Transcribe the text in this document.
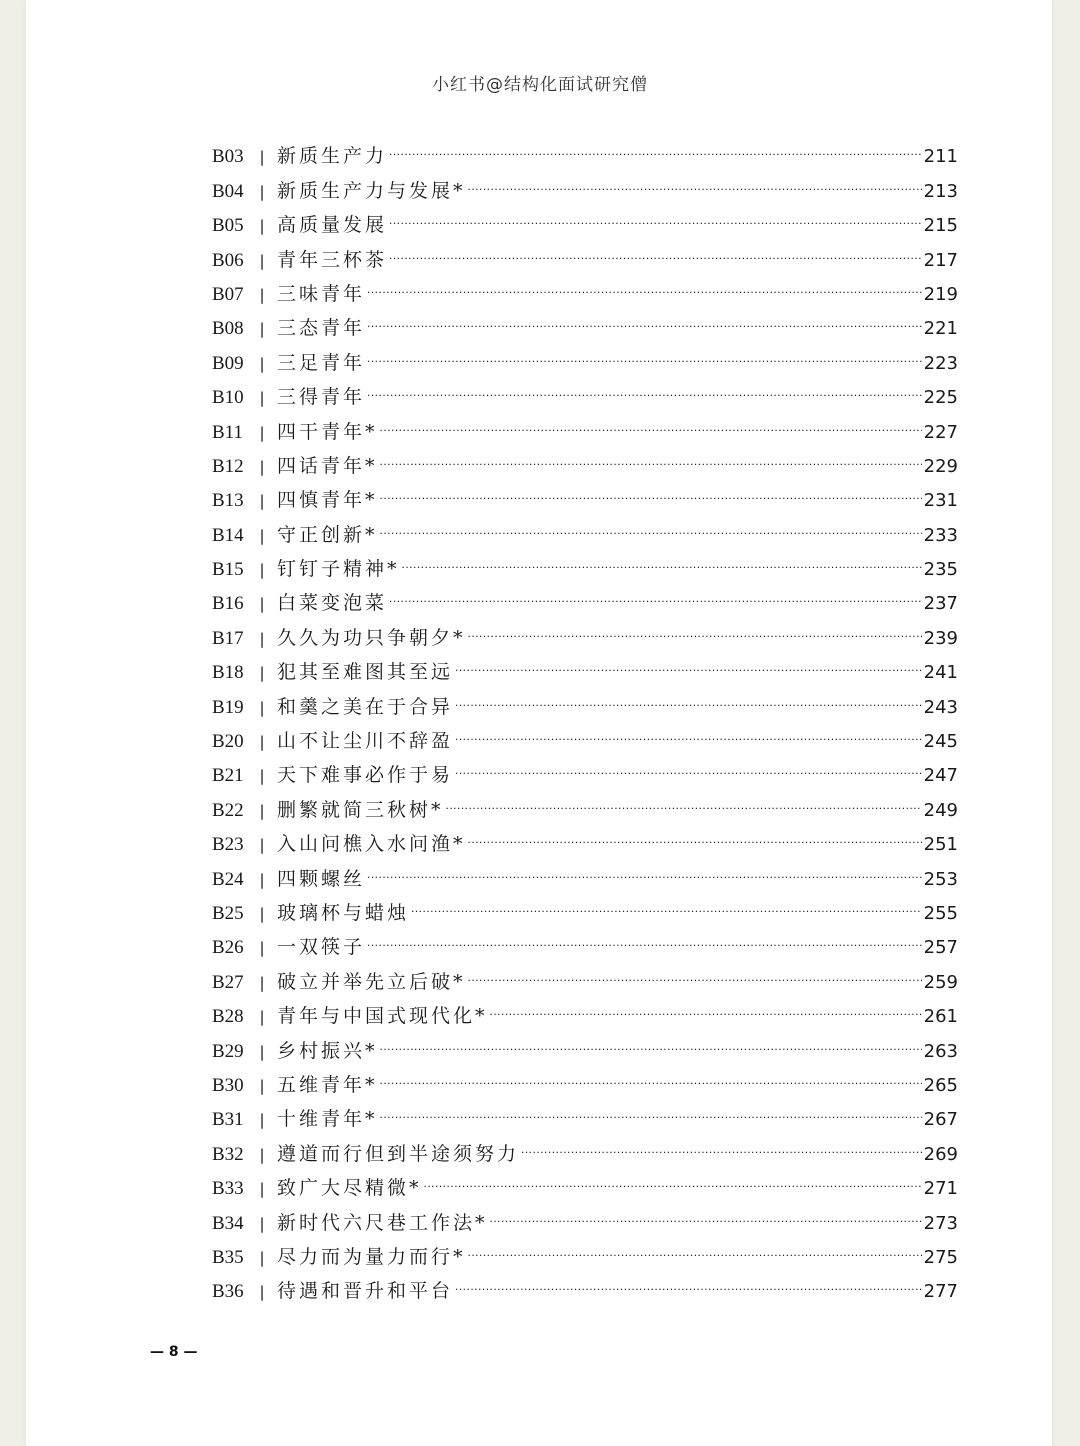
小红书@结构化面试研究僧
B03	| 新质生产力 .....	211
B04	| 新质生产力与发展* .....	213
B05	| 高质量发展 .....	215
B06	| 青年三杯茶 .....	217
B07	| 三味青年 .....	219
B08	| 三态青年 .....	221
B09	| 三足青年 .....	223
B10	| 三得青年 .....	225
B11	| 四干青年* .....	227
B12	| 四话青年* .....	229
B13	| 四慎青年* .....	231
B14	| 守正创新* .....	233
B15	| 钉钉子精神* .....	235
B16	| 白菜变泡菜 .....	237
B17	| 久久为功只争朝夕* .....	239
B18	| 犯其至难图其至远 .....	241
B19	| 和羹之美在于合异 .....	243
B20	| 山不让尘川不辞盈 .....	245
B21	| 天下难事必作于易 .....	247
B22	| 删繁就简三秋树* .....	249
B23	| 入山问樵入水问渔* .....	251
B24	| 四颗螺丝 .....	253
B25	| 玻璃杯与蜡烛 .....	255
B26	| 一双筷子 .....	257
B27	| 破立并举先立后破* .....	259
B28	| 青年与中国式现代化* .....	261
B29	| 乡村振兴* .....	263
B30	| 五维青年* .....	265
B31	| 十维青年* .....	267
B32	| 遵道而行但到半途须努力 .....	269
B33	| 致广大尽精微* .....	271
B34	| 新时代六尺巷工作法* .....	273
B35	| 尽力而为量力而行* .....	275
B36	| 待遇和晋升和平台 .....	277
— 8 —
